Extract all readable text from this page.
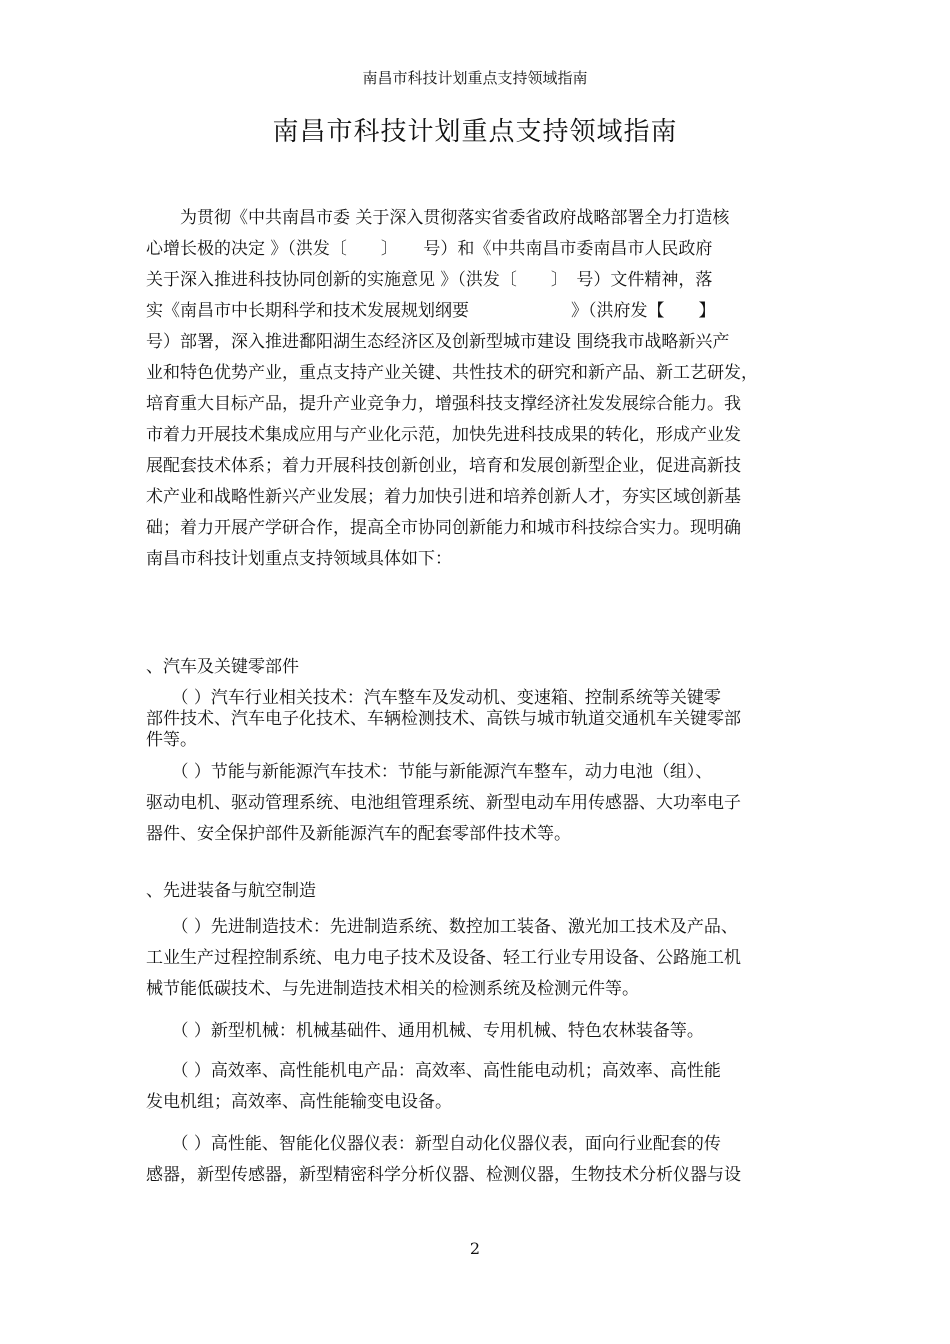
南昌市科技计划重点支持领域指南
南昌市科技计划重点支持领域指南

　　为贯彻《中共南昌市委 关于深入贯彻落实省委省政府战略部署全力打造核
心增长极的决定 》（洪发〔　　〕　　号）和《中共南昌市委南昌市人民政府
关于深入推进科技协同创新的实施意见 》（洪发〔　　〕　号）文件精神，落
实《南昌市中长期科学和技术发展规划纲要　　　　　　》（洪府发【　　】
号）部署，深入推进鄱阳湖生态经济区及创新型城市建设 围绕我市战略新兴产
业和特色优势产业，重点支持产业关键、共性技术的研究和新产品、新工艺研发，
培育重大目标产品，提升产业竞争力，增强科技支撑经济社发发展综合能力。我
市着力开展技术集成应用与产业化示范，加快先进科技成果的转化，形成产业发
展配套技术体系；着力开展科技创新创业，培育和发展创新型企业，促进高新技
术产业和战略性新兴产业发展；着力加快引进和培养创新人才，夯实区域创新基
础；着力开展产学研合作，提高全市协同创新能力和城市科技综合实力。现明确
南昌市科技计划重点支持领域具体如下：

、汽车及关键零部件

　　（ ）汽车行业相关技术：汽车整车及发动机、变速箱、控制系统等关键零
部件技术、汽车电子化技术、车辆检测技术、高铁与城市轨道交通机车关键零部
件等。

　　（ ）节能与新能源汽车技术：节能与新能源汽车整车，动力电池（组）、
驱动电机、驱动管理系统、电池组管理系统、新型电动车用传感器、大功率电子
器件、安全保护部件及新能源汽车的配套零部件技术等。

、先进装备与航空制造

　　（ ）先进制造技术：先进制造系统、数控加工装备、激光加工技术及产品、
工业生产过程控制系统、电力电子技术及设备、轻工行业专用设备、公路施工机
械节能低碳技术、与先进制造技术相关的检测系统及检测元件等。

　　（ ）新型机械：机械基础件、通用机械、专用机械、特色农林装备等。

　　（ ）高效率、高性能机电产品：高效率、高性能电动机；高效率、高性能
发电机组；高效率、高性能输变电设备。

　　（ ）高性能、智能化仪器仪表：新型自动化仪器仪表，面向行业配套的传
感器，新型传感器，新型精密科学分析仪器、检测仪器，生物技术分析仪器与设

2
